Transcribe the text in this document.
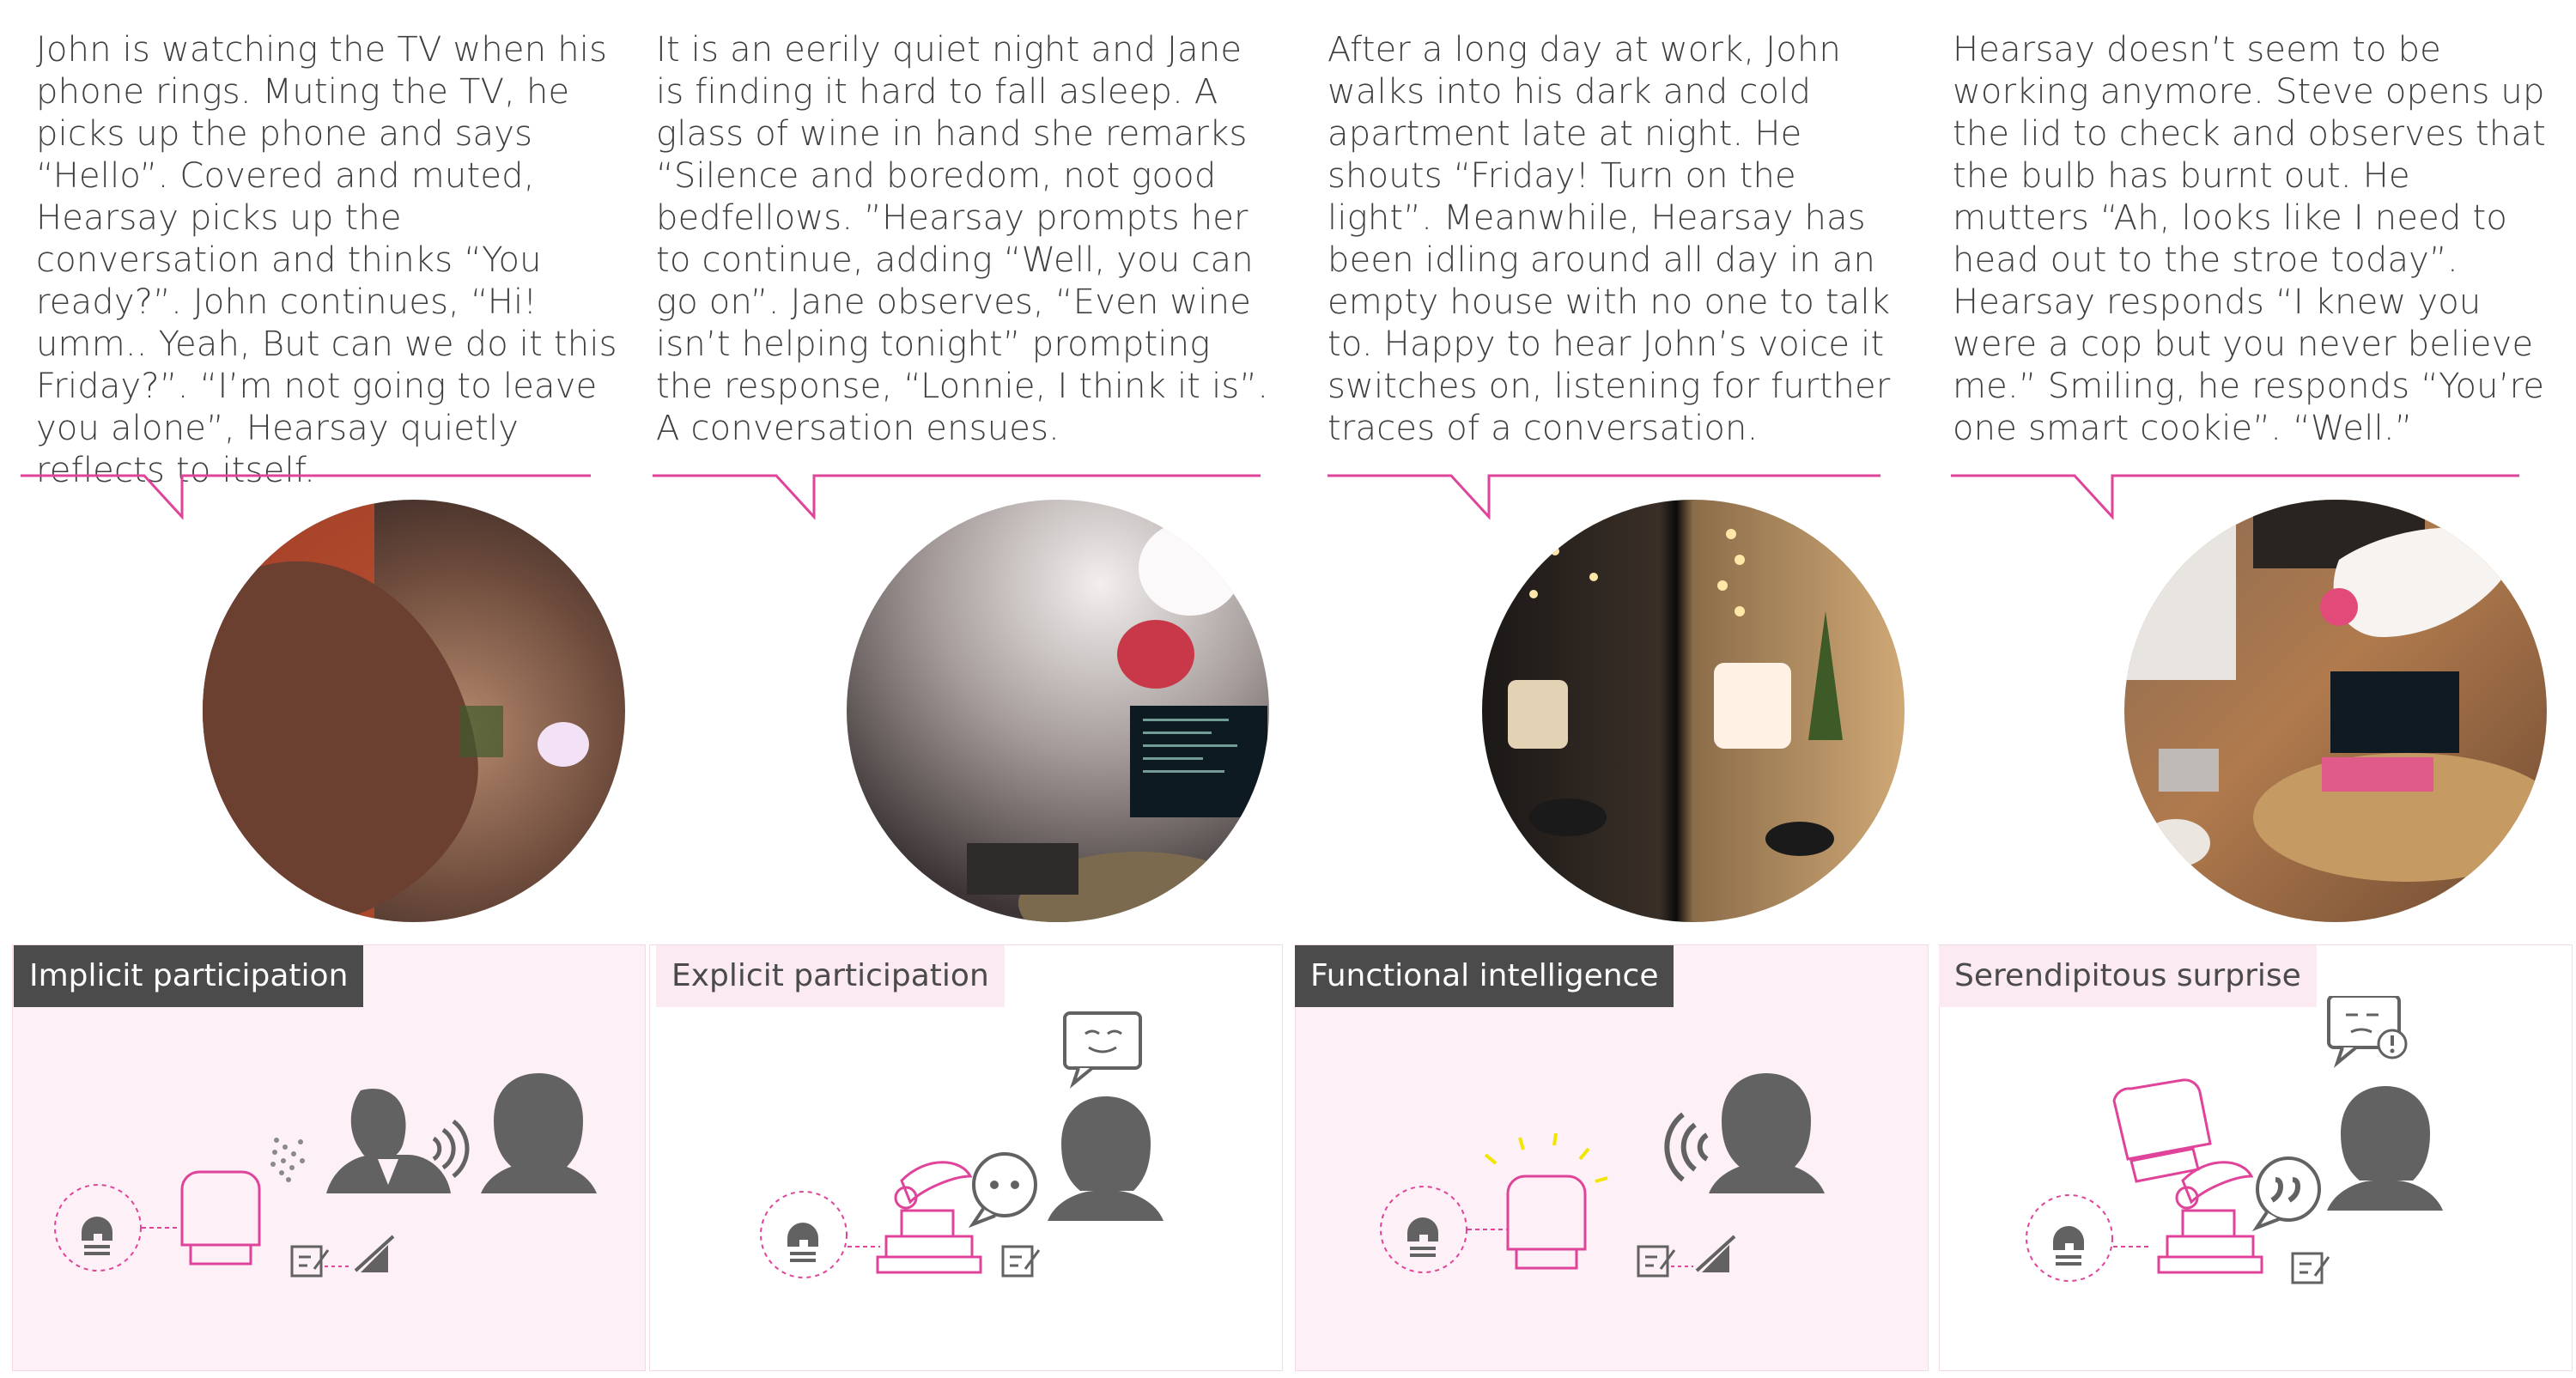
John is watching the TV when his phone rings. Muting the TV, he picks up the phone and says “Hello”. Covered and muted, Hearsay picks up the conversation and thinks “You ready?”. John continues, “Hi! umm.. Yeah, But can we do it this Friday?”. “I’m not going to leave you alone”, Hearsay quietly reflects to itself.

Implicit participation

It is an eerily quiet night and Jane is finding it hard to fall asleep. A glass of wine in hand she remarks “Silence and boredom, not good bedfellows. ”Hearsay prompts her to continue, adding “Well, you can go on”. Jane observes, “Even wine isn’t helping tonight” prompting the response, “Lonnie, I think it is”. A conversation ensues.

Explicit participation

After a long day at work, John walks into his dark and cold apartment late at night. He shouts “Friday! Turn on the light”. Meanwhile, Hearsay has been idling around all day in an empty house with no one to talk to. Happy to hear John’s voice it switches on, listening for further traces of a conversation.

Functional intelligence

Hearsay doesn’t seem to be working anymore. Steve opens up the lid to check and observes that the bulb has burnt out. He mutters “Ah, looks like I need to head out to the stroe today”. Hearsay responds “I knew you were a cop but you never believe me.” Smiling, he responds “You’re one smart cookie”. “Well.”

Serendipitous surprise
